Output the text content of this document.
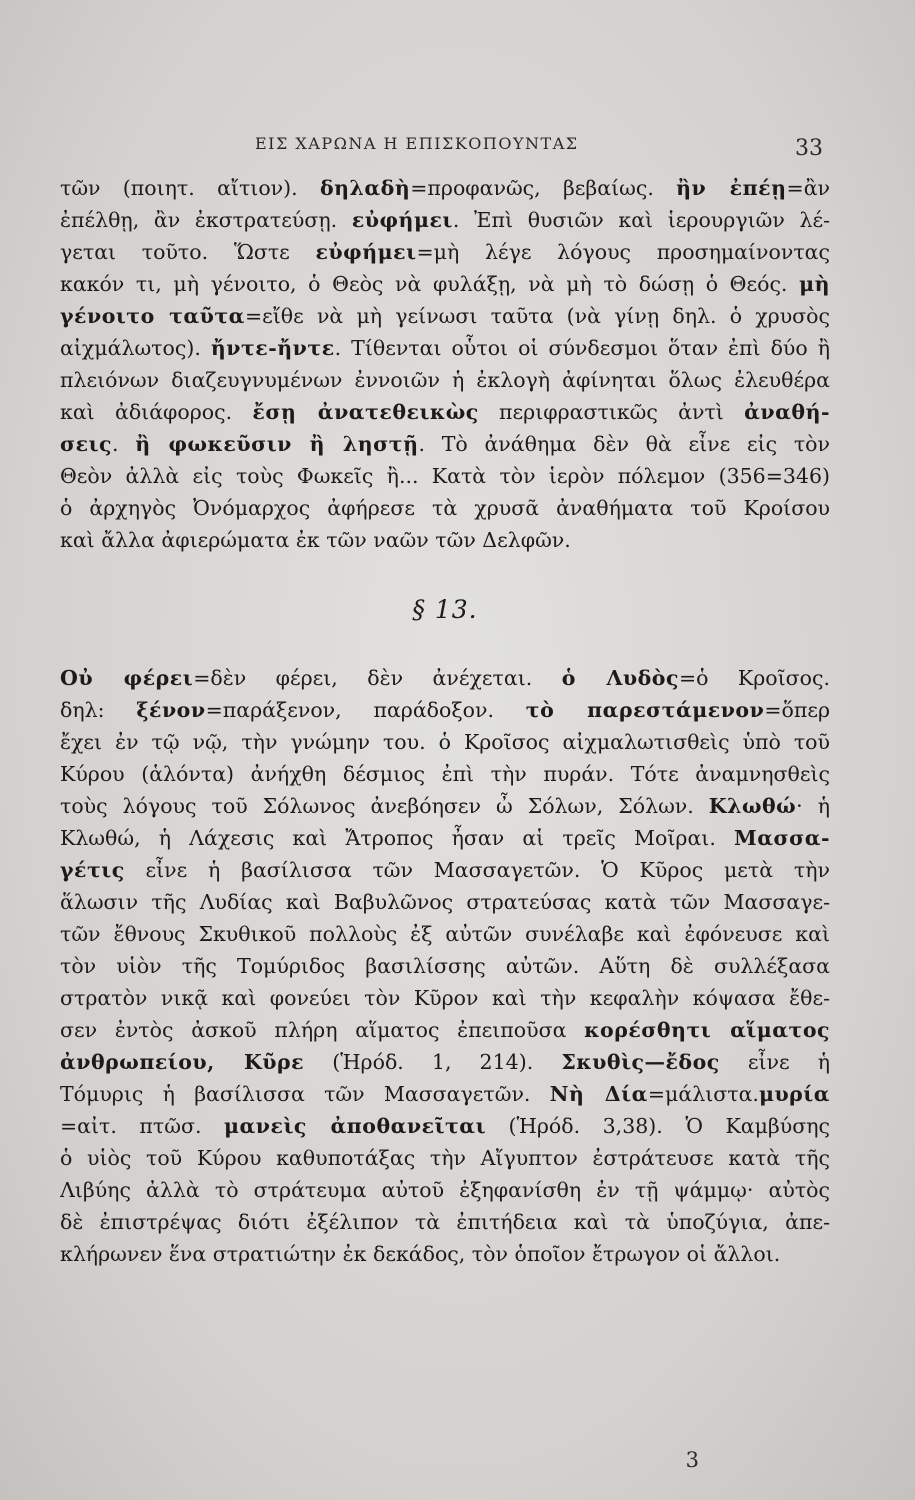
ΕΙΣ ΧΑΡΩΝΑ Η ΕΠΙΣΚΟΠΟΥΝΤΑΣ	33
τῶν (ποιητ. αἴτιον). δηλαδὴ=προφανῶς, βεβαίως. ἢν ἐπέῃ=ἂν
ἐπέλθῃ, ἂν ἐκστρατεύσῃ. εὐφήμει. Ἐπὶ θυσιῶν καὶ ἱερουργιῶν λέ-
γεται τοῦτο. Ὥστε εὐφήμει=μὴ λέγε λόγους προσημαίνοντας
κακόν τι, μὴ γένοιτο, ὁ Θεὸς νὰ φυλάξῃ, νὰ μὴ τὸ δώσῃ ὁ Θεός. μὴ
γένοιτο ταῦτα=εἴθε νὰ μὴ γείνωσι ταῦτα (νὰ γίνῃ δηλ. ὁ χρυσὸς
αἰχμάλωτος). ἤντε-ἤντε. Τίθενται οὗτοι οἱ σύνδεσμοι ὅταν ἐπὶ δύο ἢ
πλειόνων διαζευγνυμένων ἐννοιῶν ἡ ἐκλογὴ ἀφίνηται ὅλως ἐλευθέρα
καὶ ἀδιάφορος. ἔσῃ ἀνατεθεικὼς περιφραστικῶς ἀντὶ ἀναθή-
σεις. ἢ φωκεῦσιν ἢ ληστῇ. Τὸ ἀνάθημα δὲν θὰ εἶνε εἰς τὸν
Θεὸν ἀλλὰ εἰς τοὺς Φωκεῖς ἢ... Κατὰ τὸν ἱερὸν πόλεμον (356=346)
ὁ ἀρχηγὸς Ὀνόμαρχος ἀφήρεσε τὰ χρυσᾶ ἀναθήματα τοῦ Κροίσου
καὶ ἄλλα ἀφιερώματα ἐκ τῶν ναῶν τῶν Δελφῶν.
§ 13.
Οὐ φέρει=δὲν φέρει, δὲν ἀνέχεται. ὁ Λυδὸς=ὁ Κροῖσος.
δηλ: ξένον=παράξενον, παράδοξον. τὸ παρεστάμενον=ὅπερ
ἔχει ἐν τῷ νῷ, τὴν γνώμην του. ὁ Κροῖσος αἰχμαλωτισθεὶς ὑπὸ τοῦ
Κύρου (ἁλόντα) ἀνήχθη δέσμιος ἐπὶ τὴν πυράν. Τότε ἀναμνησθεὶς
τοὺς λόγους τοῦ Σόλωνος ἀνεβόησεν ὦ Σόλων, Σόλων. Κλωθώ· ἡ
Κλωθώ, ἡ Λάχεσις καὶ Ἄτροπος ἦσαν αἱ τρεῖς Μοῖραι. Μασσα-
γέτις εἶνε ἡ βασίλισσα τῶν Μασσαγετῶν. Ὁ Κῦρος μετὰ τὴν
ἅλωσιν τῆς Λυδίας καὶ Βαβυλῶνος στρατεύσας κατὰ τῶν Μασσαγε-
τῶν ἔθνους Σκυθικοῦ πολλοὺς ἐξ αὐτῶν συνέλαβε καὶ ἐφόνευσε καὶ
τὸν υἱὸν τῆς Τομύριδος βασιλίσσης αὐτῶν. Αὕτη δὲ συλλέξασα
στρατὸν νικᾷ καὶ φονεύει τὸν Κῦρον καὶ τὴν κεφαλὴν κόψασα ἔθε-
σεν ἐντὸς ἀσκοῦ πλήρη αἵματος ἐπειποῦσα κορέσθητι αἵματος
ἀνθρωπείου, Κῦρε (Ἡρόδ. 1, 214). Σκυθὶς—ἔδος εἶνε ἡ
Τόμυρις ἡ βασίλισσα τῶν Μασσαγετῶν. Νὴ Δία=μάλιστα.μυρία
=αἰτ. πτῶσ. μανεὶς ἀποθανεῖται (Ἡρόδ. 3,38). Ὁ Καμβύσης
ὁ υἱὸς τοῦ Κύρου καθυποτάξας τὴν Αἴγυπτον ἐστράτευσε κατὰ τῆς
Λιβύης ἀλλὰ τὸ στράτευμα αὐτοῦ ἐξηφανίσθη ἐν τῇ ψάμμῳ· αὐτὸς
δὲ ἐπιστρέψας διότι ἐξέλιπον τὰ ἐπιτήδεια καὶ τὰ ὑποζύγια, ἀπε-
κλήρωνεν ἕνα στρατιώτην ἐκ δεκάδος, τὸν ὁποῖον ἔτρωγον οἱ ἄλλοι.
3
